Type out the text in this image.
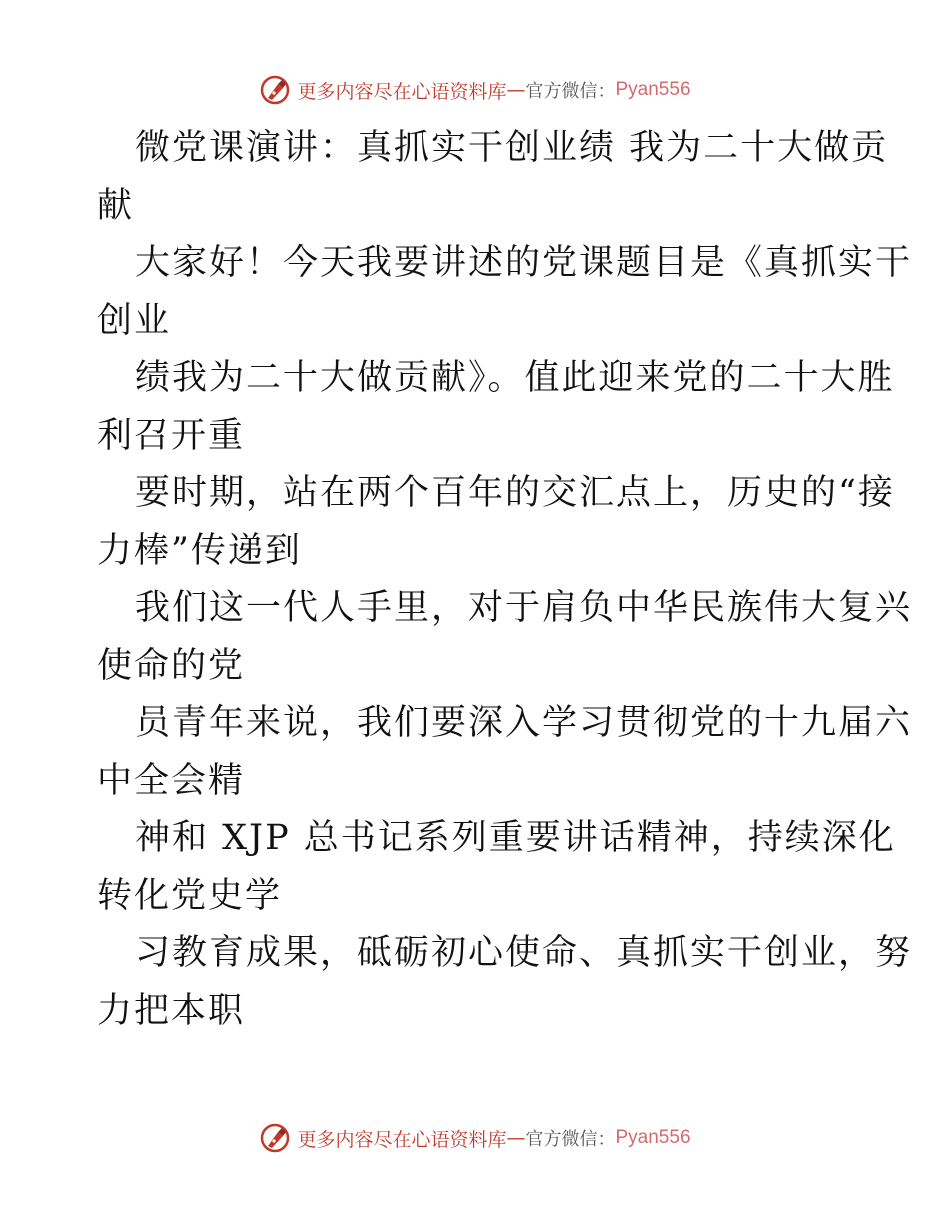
更多内容尽在心语资料库 — 官方微信： Pyan556
微党课演讲：真抓实干创业绩 我为二十大做贡
献
大家好！今天我要讲述的党课题目是《真抓实干
创业
绩我为二十大做贡献》。值此迎来党的二十大胜
利召开重
要时期，站在两个百年的交汇点上，历史的“接
力棒”传递到
我们这一代人手里，对于肩负中华民族伟大复兴
使命的党
员青年来说，我们要深入学习贯彻党的十九届六
中全会精
神和 XJP 总书记系列重要讲话精神，持续深化
转化党史学
习教育成果，砥砺初心使命、真抓实干创业，努
力把本职
更多内容尽在心语资料库 — 官方微信： Pyan556
